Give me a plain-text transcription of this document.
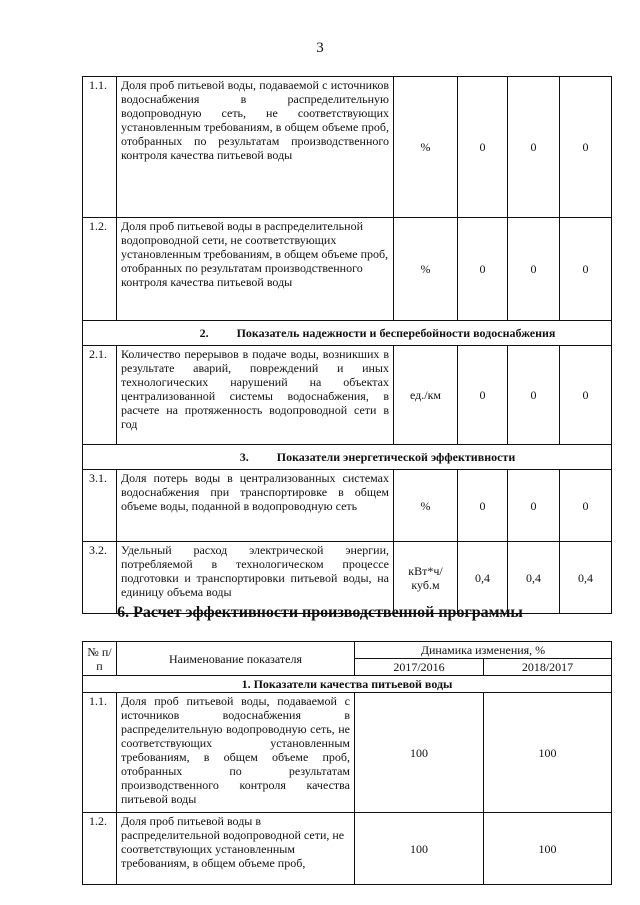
3
1.1.	Доля проб питьевой воды, подаваемой с источников водоснабжения в распределительную водопроводную сеть, не соответствующих установленным требованиям, в общем объеме проб, отобранных по результатам производственного контроля качества питьевой воды	%	0	0	0
1.2.	Доля проб питьевой воды в распределительной водопроводной сети, не соответствующих установленным требованиям, в общем объеме проб, отобранных по результатам производственного контроля качества питьевой воды	%	0	0	0
2. Показатель надежности и бесперебойности водоснабжения					
2.1.	Количество перерывов в подаче воды, возникших в результате аварий, повреждений и иных технологических нарушений на объектах централизованной системы водоснабжения, в расчете на протяженность водопроводной сети в год	ед./км	0	0	0
3. Показатели энергетической эффективности					
3.1.	Доля потерь воды в централизованных системах водоснабжения при транспортировке в общем объеме воды, поданной в водопроводную сеть	%	0	0	0
3.2.	Удельный расход электрической энергии, потребляемой в технологическом процессе подготовки и транспортировки питьевой воды, на единицу объема воды	кВт*ч/куб.м	0,4	0,4	0,4
6. Расчет эффективности производственной программы
№ п/п	Наименование показателя	Динамика изменения, %	
		2017/2016	2018/2017
1. Показатели качества питьевой воды			
1.1.	Доля проб питьевой воды, подаваемой с источников водоснабжения в распределительную водопроводную сеть, не соответствующих установленным требованиям, в общем объеме проб, отобранных по результатам производственного контроля качества питьевой воды	100	100
1.2.	Доля проб питьевой воды в распределительной водопроводной сети, не соответствующих установленным требованиям, в общем объеме проб,	100	100
